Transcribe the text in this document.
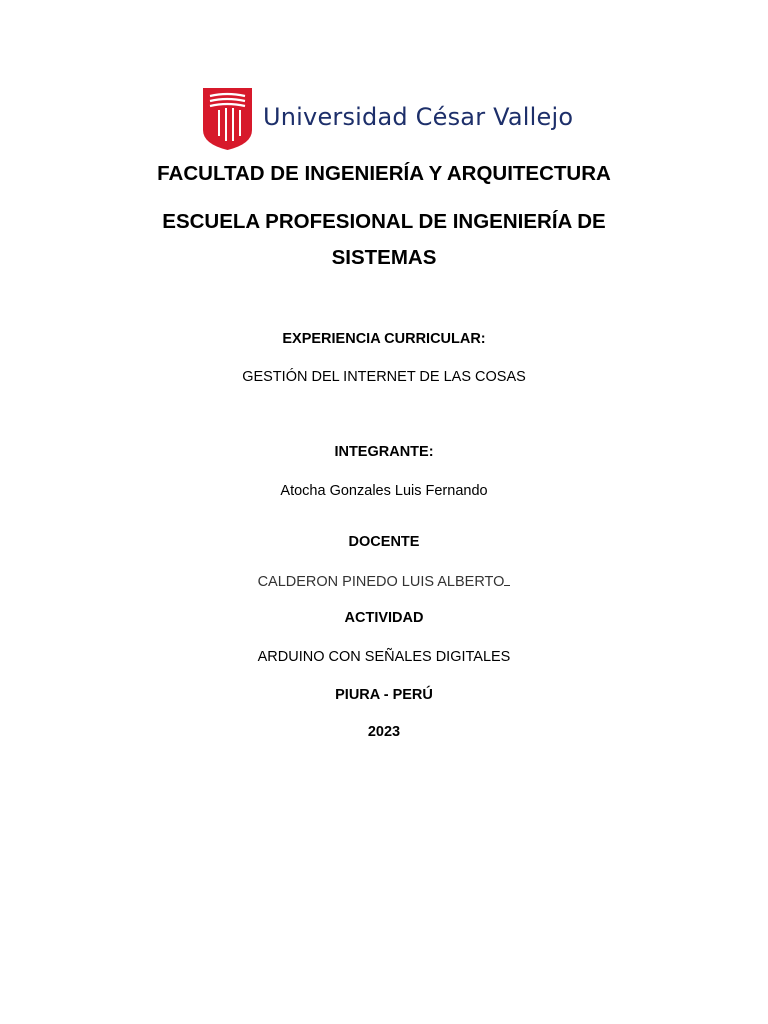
Universidad César Vallejo
FACULTAD DE INGENIERÍA Y ARQUITECTURA
ESCUELA PROFESIONAL DE INGENIERÍA DE
SISTEMAS
EXPERIENCIA CURRICULAR:
GESTIÓN DEL INTERNET DE LAS COSAS
INTEGRANTE:
Atocha Gonzales Luis Fernando
DOCENTE
CALDERON PINEDO LUIS ALBERTO
ACTIVIDAD
ARDUINO CON SEÑALES DIGITALES
PIURA - PERÚ
2023
